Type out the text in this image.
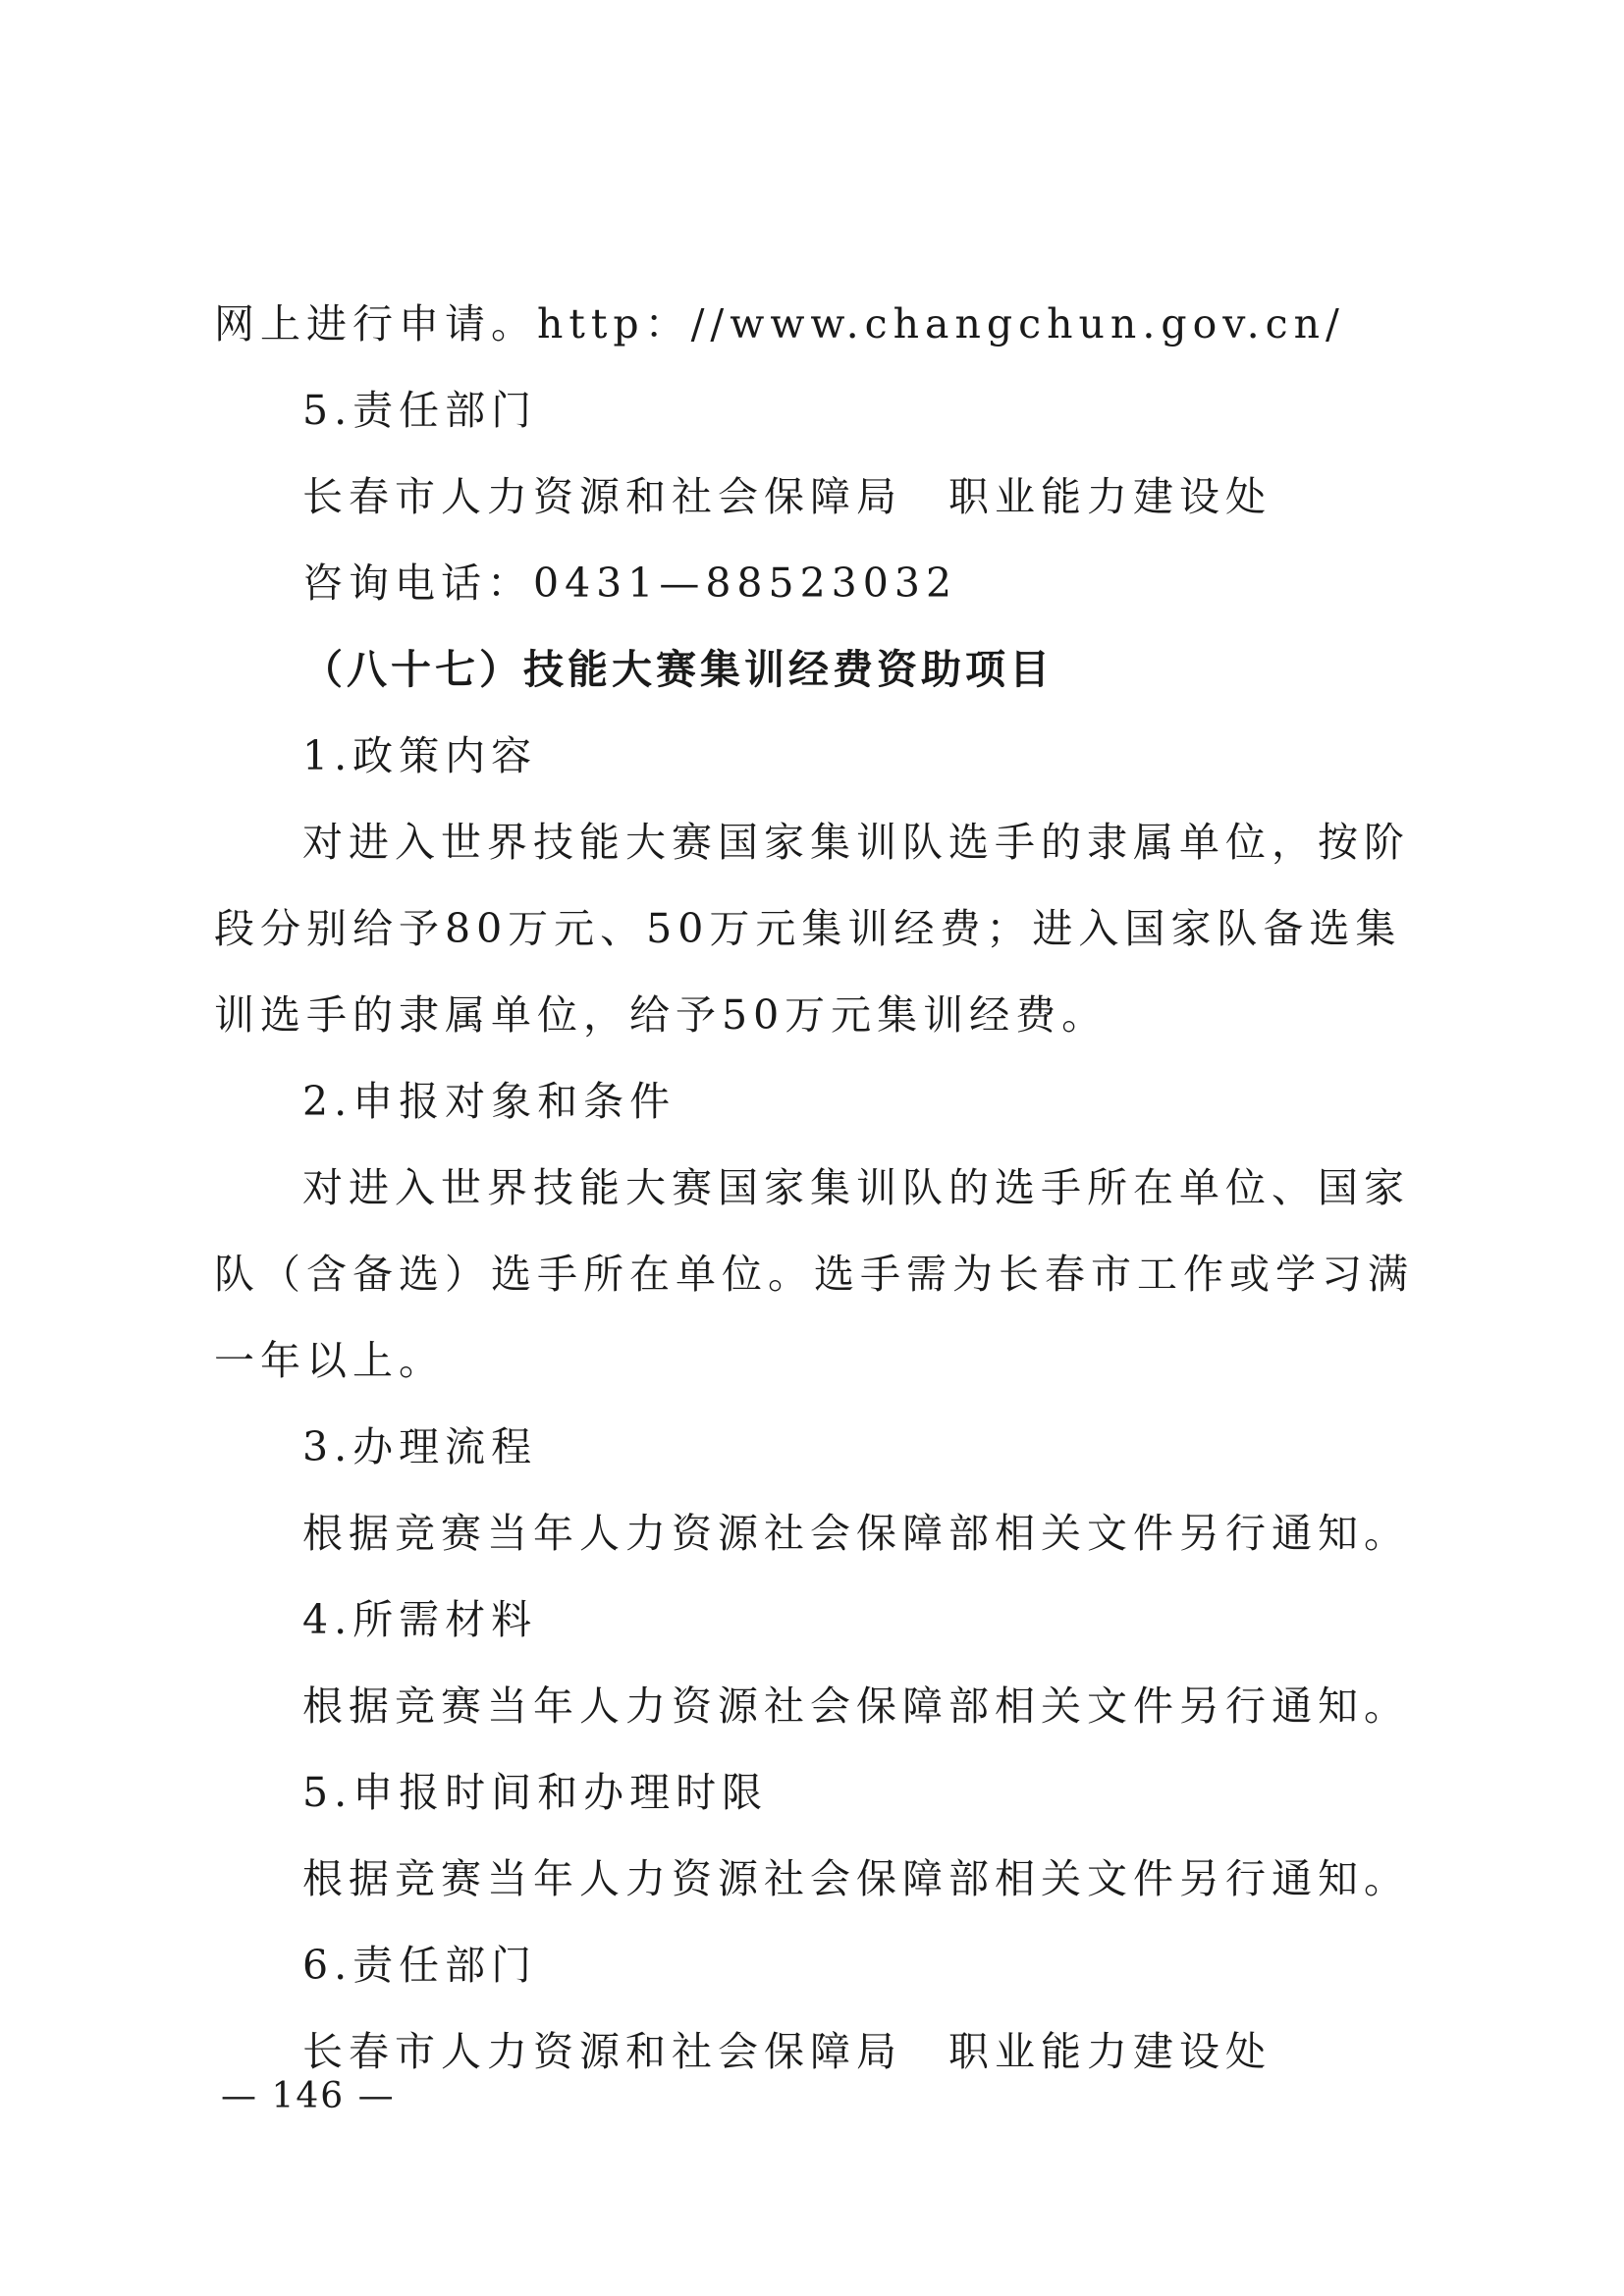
网上进行申请。http：//www.changchun.gov.cn/
5.责任部门
长春市人力资源和社会保障局　职业能力建设处
咨询电话：0431—88523032
（八十七）技能大赛集训经费资助项目
1.政策内容
对进入世界技能大赛国家集训队选手的隶属单位，按阶
段分别给予80万元、50万元集训经费；进入国家队备选集
训选手的隶属单位，给予50万元集训经费。
2.申报对象和条件
对进入世界技能大赛国家集训队的选手所在单位、国家
队（含备选）选手所在单位。选手需为长春市工作或学习满
一年以上。
3.办理流程
根据竞赛当年人力资源社会保障部相关文件另行通知。
4.所需材料
根据竞赛当年人力资源社会保障部相关文件另行通知。
5.申报时间和办理时限
根据竞赛当年人力资源社会保障部相关文件另行通知。
6.责任部门
长春市人力资源和社会保障局　职业能力建设处
— 146 —
